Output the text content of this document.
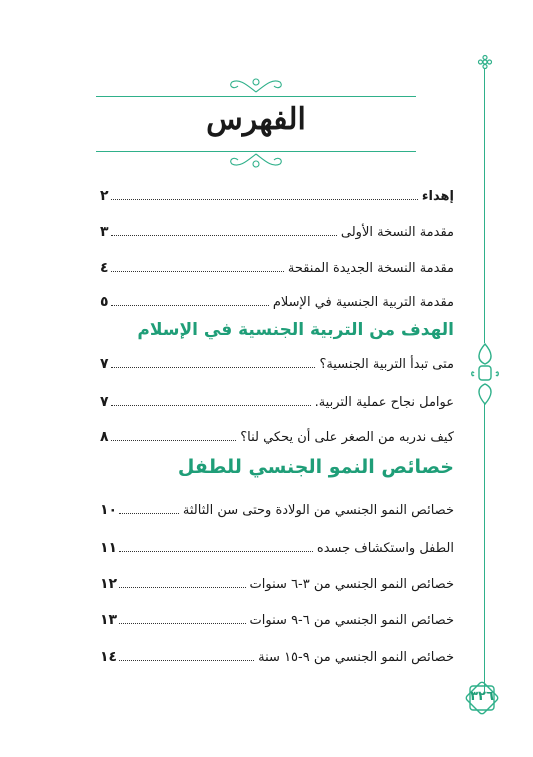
الفهرس
إهداء
٢
مقدمة النسخة الأولى
٣
مقدمة النسخة الجديدة المنقحة
٤
مقدمة التربية الجنسية في الإسلام
٥
الهدف من التربية الجنسية في الإسلام
متى تبدأ التربية الجنسية؟
٧
عوامل نجاح عملية التربية.
٧
كيف ندربه من الصغر على أن يحكي لنا؟
٨
خصائص النمو الجنسي للطفل
خصائص النمو الجنسي من الولادة وحتى سن الثالثة
١٠
الطفل واستكشاف جسده
١١
خصائص النمو الجنسي من ٣-٦ سنوات
١٢
خصائص النمو الجنسي من ٦-٩ سنوات
١٣
خصائص النمو الجنسي من ٩-١٥ سنة
١٤
٣٢٦
